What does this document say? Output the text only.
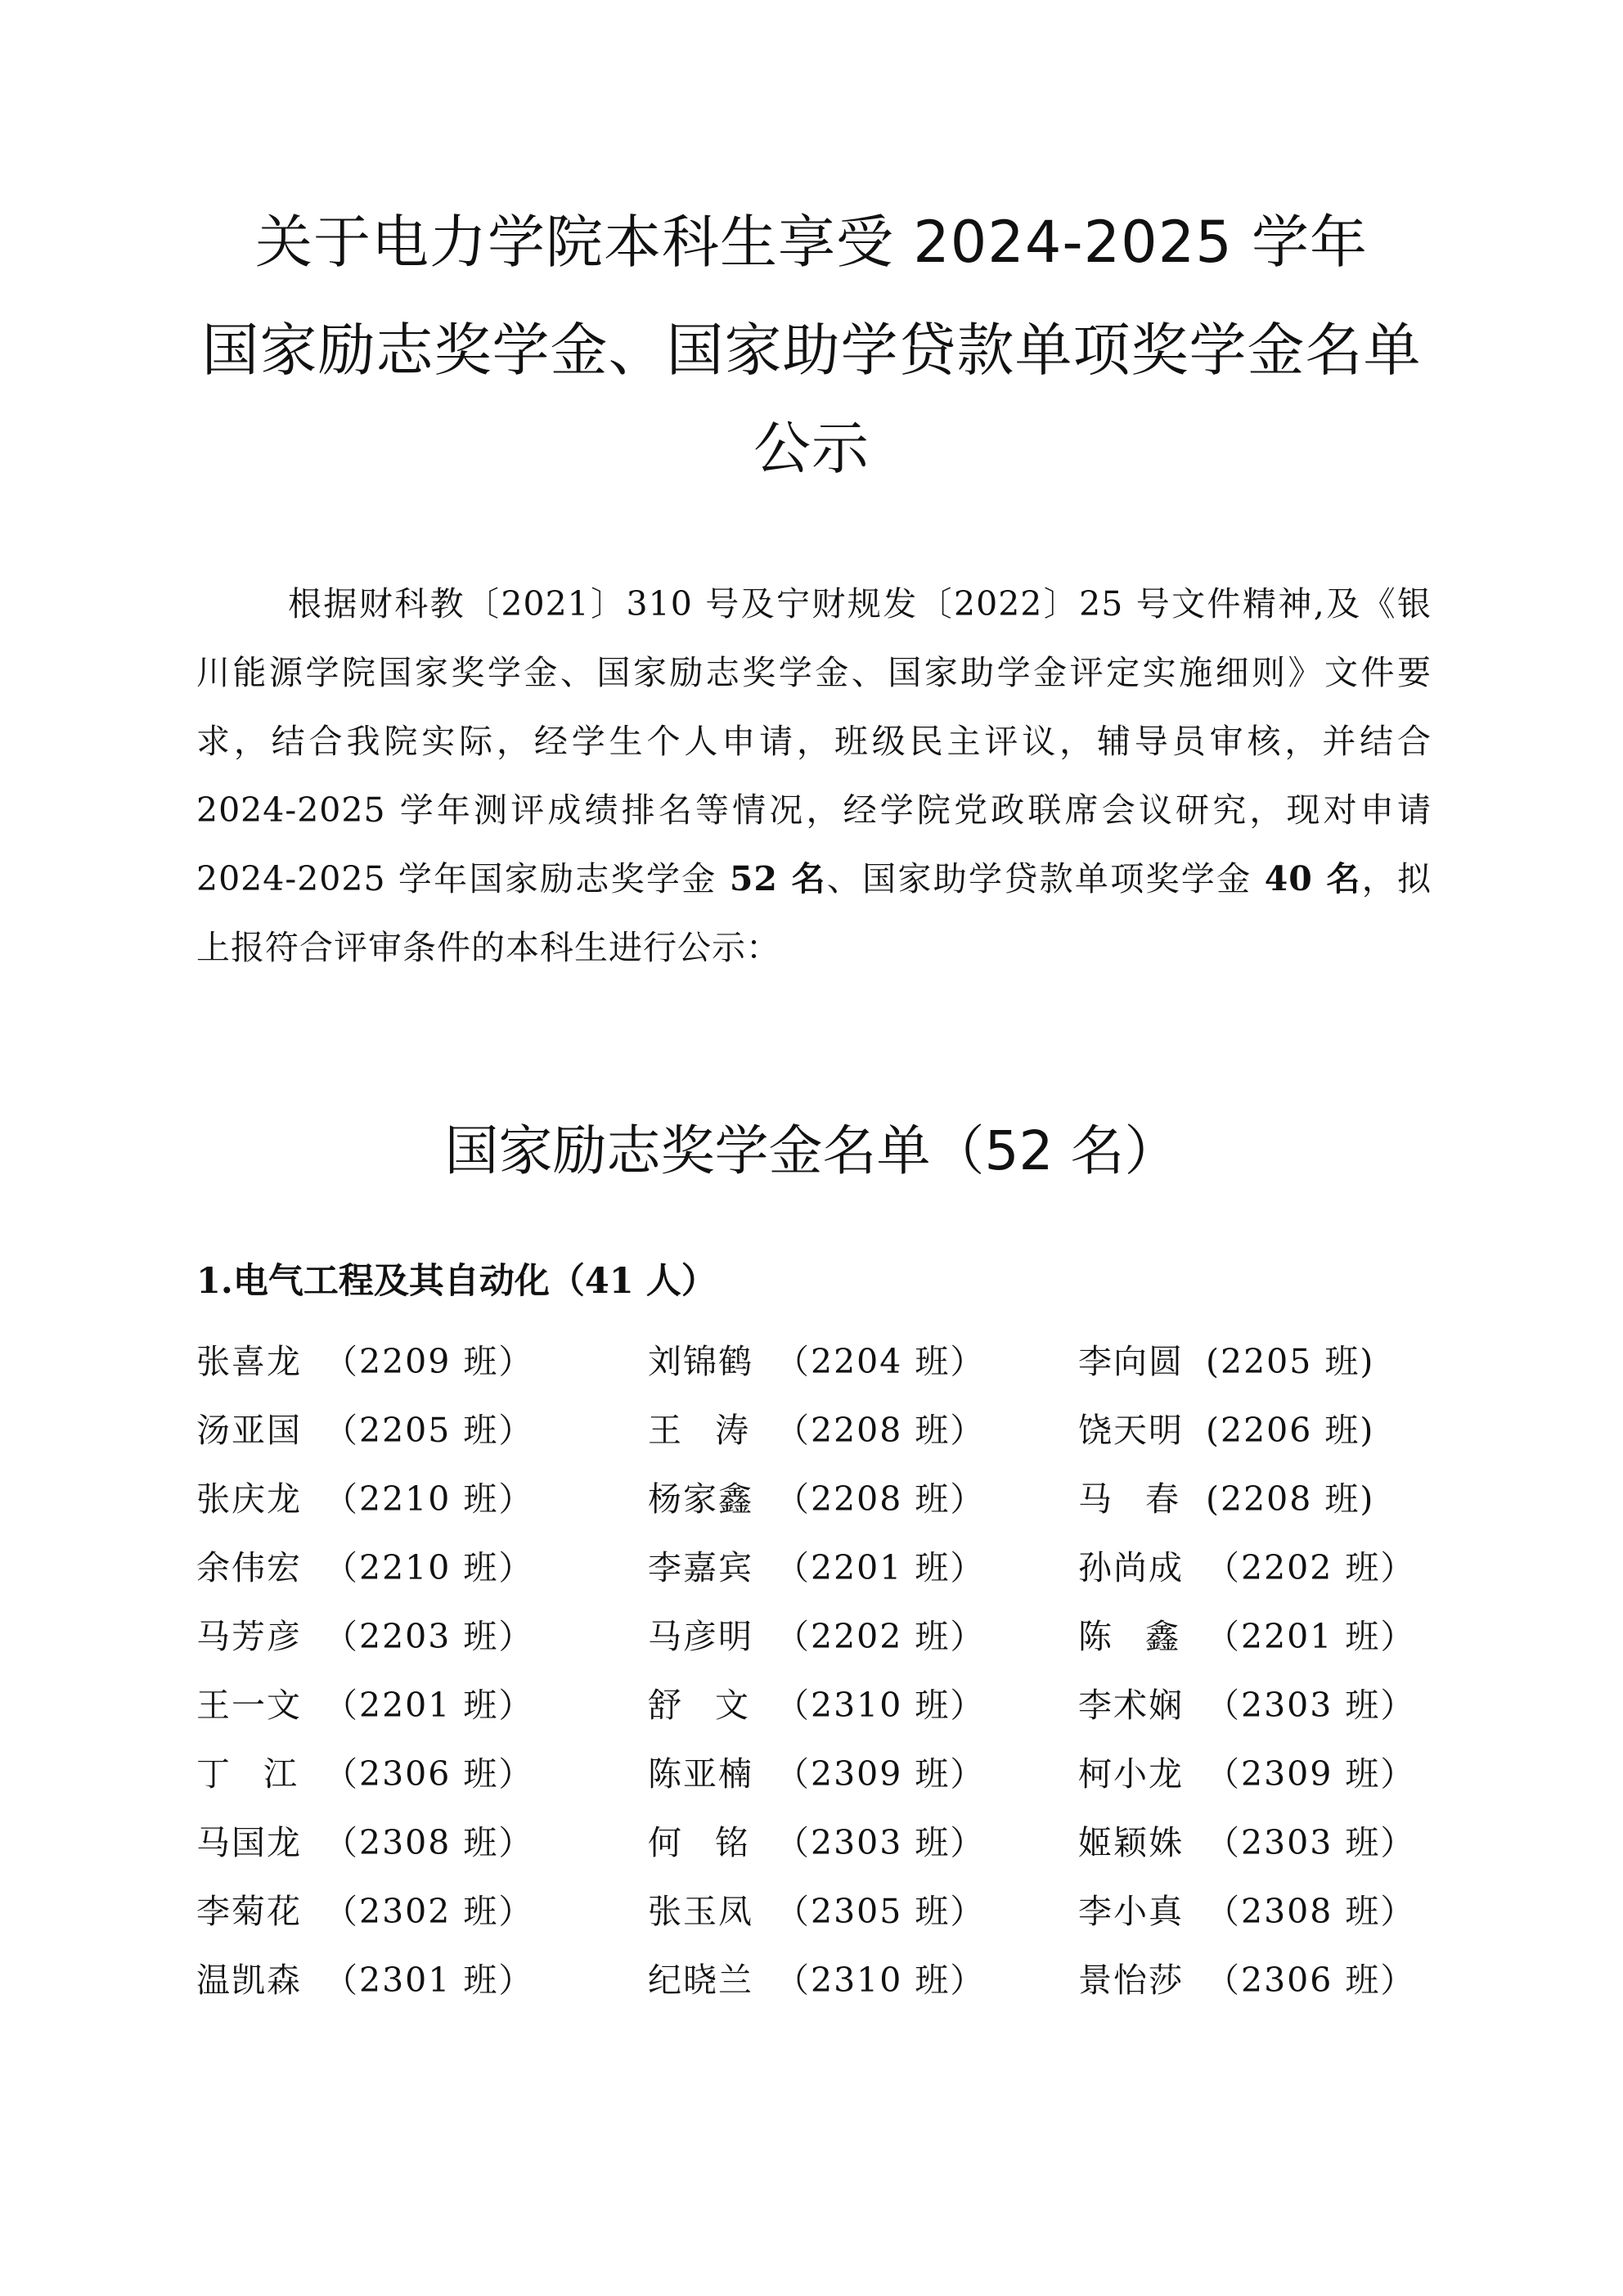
关于电力学院本科生享受 2024-2025 学年
国家励志奖学金、国家助学贷款单项奖学金名单
公示

根据财科教〔2021〕310 号及宁财规发〔2022〕25 号文件精神,及《银川能源学院国家奖学金、国家励志奖学金、国家助学金评定实施细则》文件要求，结合我院实际，经学生个人申请，班级民主评议，辅导员审核，并结合 2024-2025 学年测评成绩排名等情况，经学院党政联席会议研究，现对申请 2024-2025 学年国家励志奖学金 52 名、国家助学贷款单项奖学金 40 名，拟上报符合评审条件的本科生进行公示：

国家励志奖学金名单（52 名）
1.电气工程及其自动化（41 人）
张喜龙 （2209 班）	刘锦鹤 （2204 班）	李向圆(2205 班)
汤亚国 （2205 班）	王　涛 （2208 班）	饶天明(2206 班)
张庆龙 （2210 班）	杨家鑫 （2208 班）	马　春(2208 班)
余伟宏 （2210 班）	李嘉宾 （2201 班）	孙尚成 （2202 班）
马芳彦 （2203 班）	马彦明 （2202 班）	陈　鑫 （2201 班）
王一文 （2201 班）	舒　文 （2310 班）	李术娴 （2303 班）
丁　江 （2306 班）	陈亚楠 （2309 班）	柯小龙 （2309 班）
马国龙 （2308 班）	何　铭 （2303 班）	姬颖姝 （2303 班）
李菊花 （2302 班）	张玉凤 （2305 班）	李小真 （2308 班）
温凯森 （2301 班）	纪晓兰 （2310 班）	景怡莎 （2306 班）
